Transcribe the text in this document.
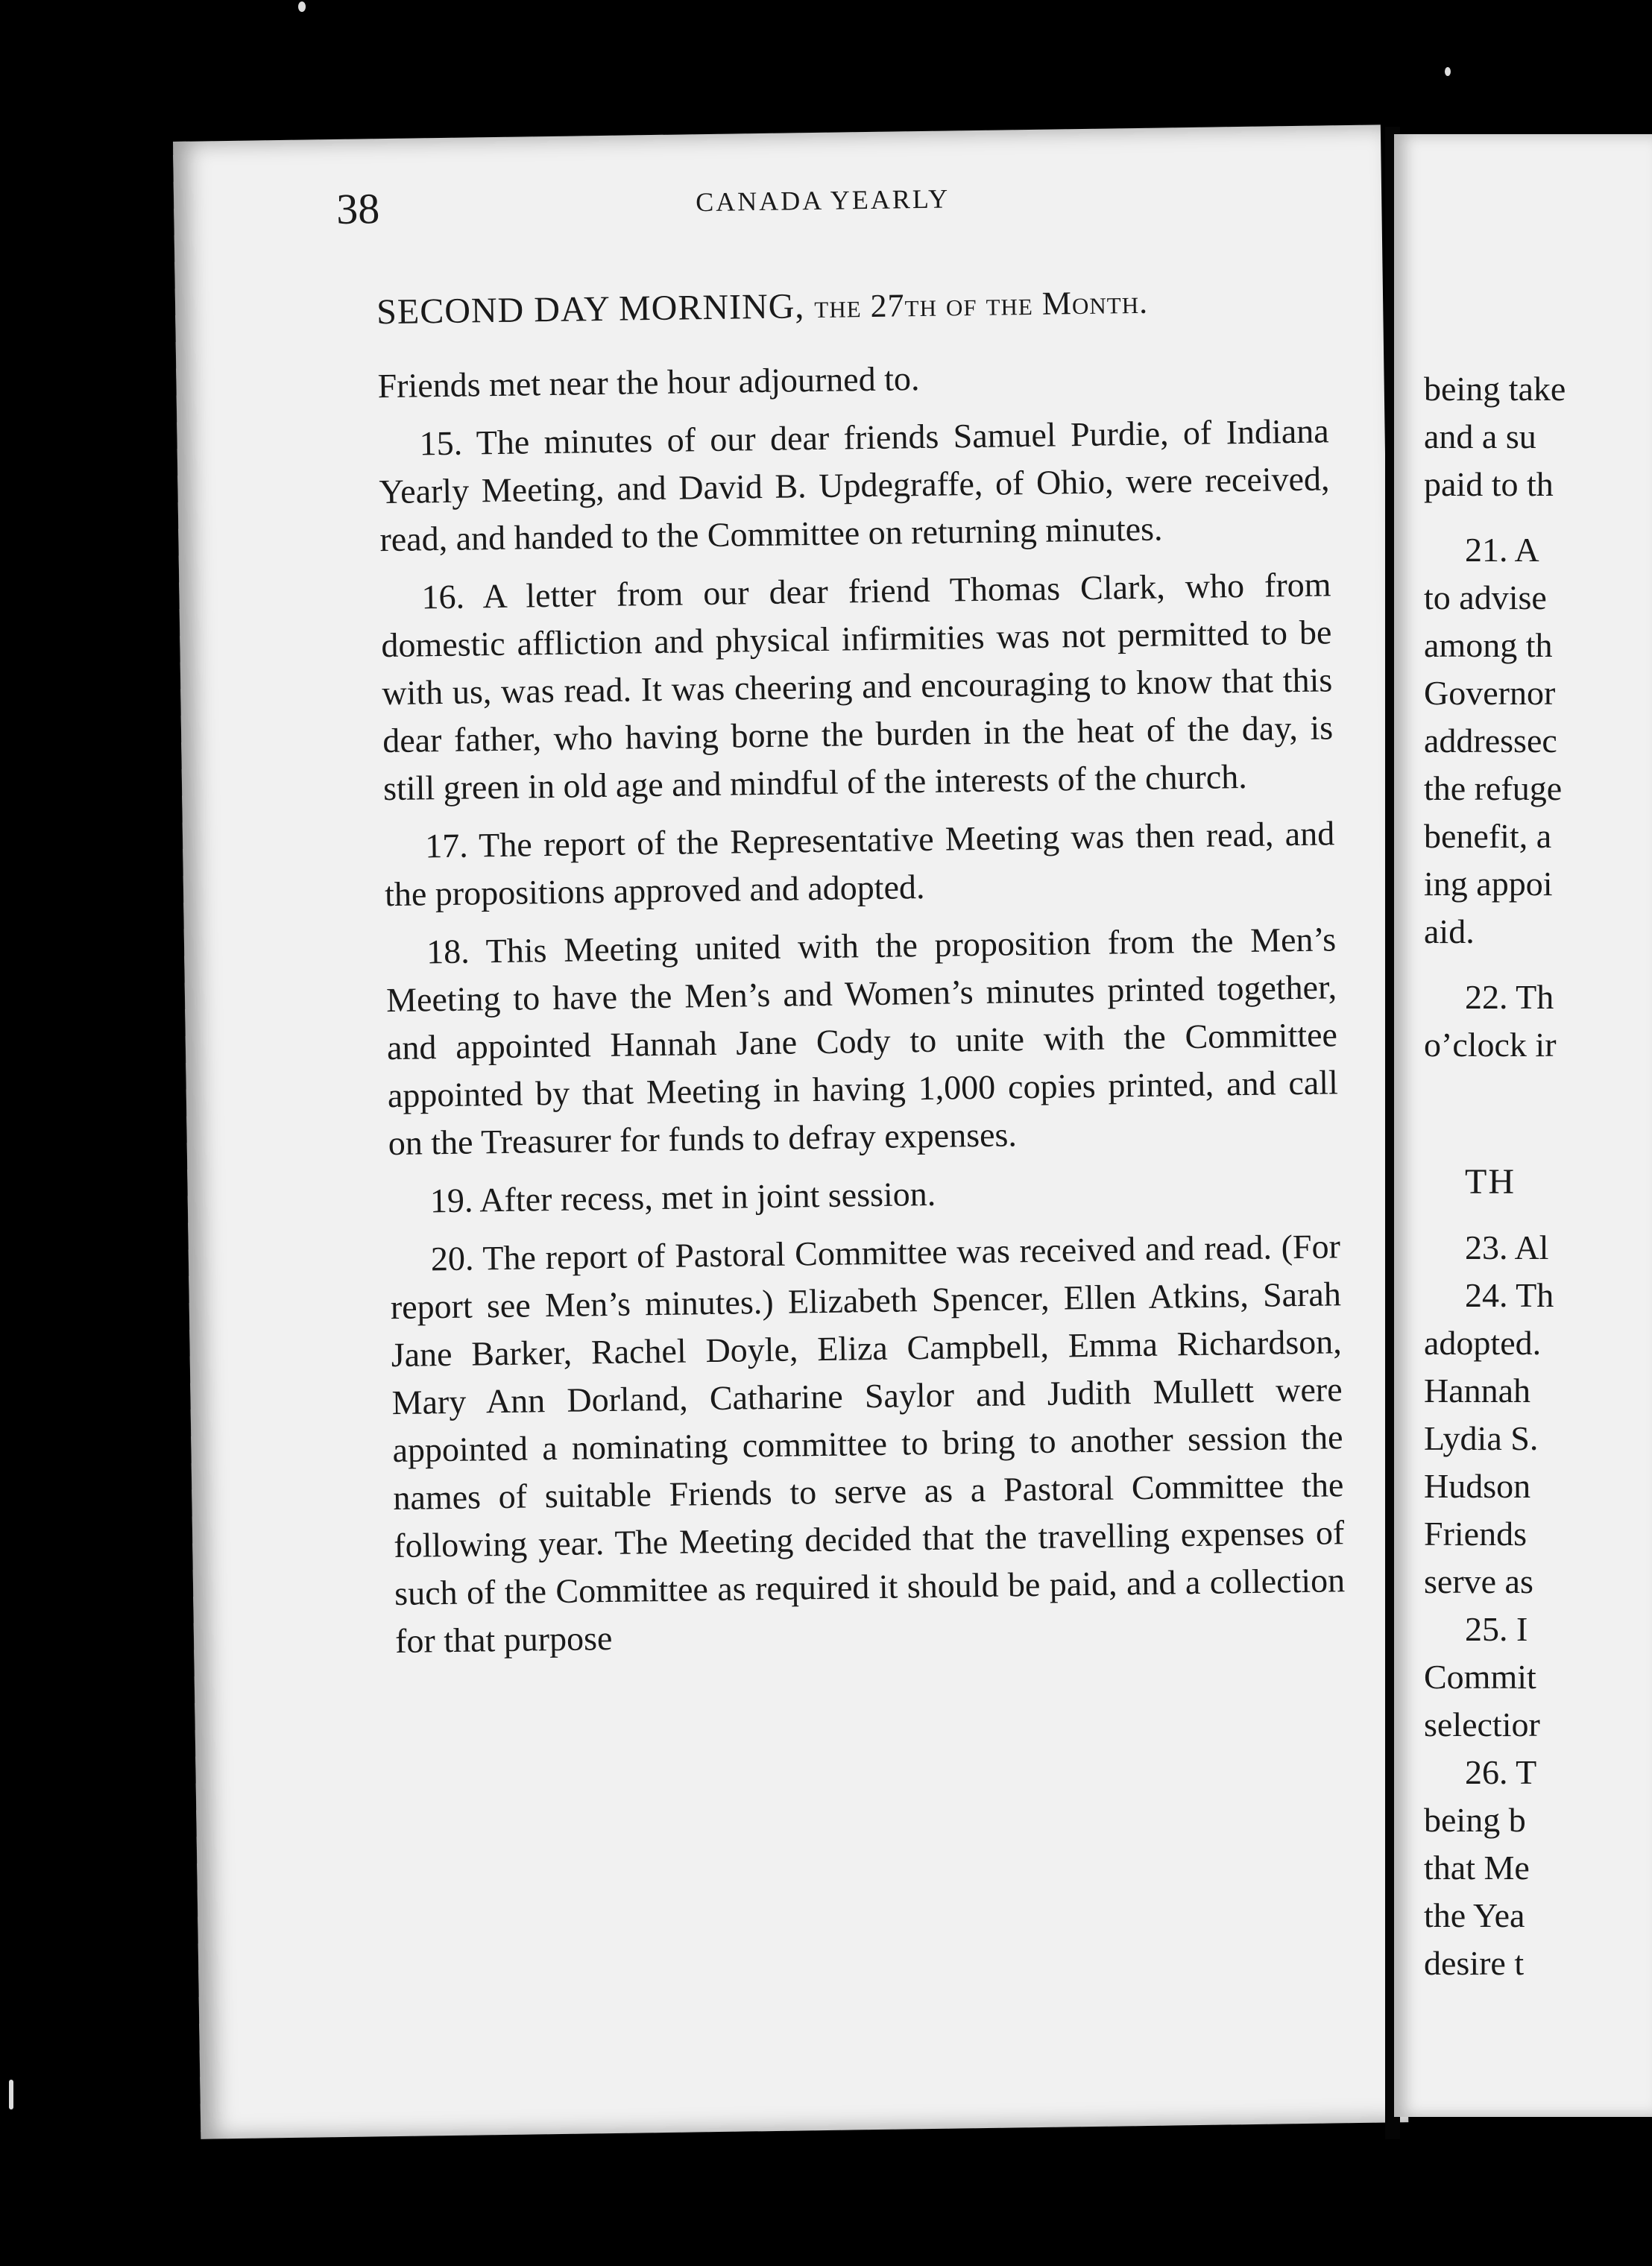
38	CANADA YEARLY
SECOND DAY MORNING, the 27th of the Month.

Friends met near the hour adjourned to.

15. The minutes of our dear friends Samuel Purdie, of Indiana Yearly Meeting, and David B. Updegraffe, of Ohio, were received, read, and handed to the Committee on returning minutes.

16. A letter from our dear friend Thomas Clark, who from domestic affliction and physical infirmities was not permitted to be with us, was read. It was cheering and encouraging to know that this dear father, who having borne the burden in the heat of the day, is still green in old age and mindful of the interests of the church.

17. The report of the Representative Meeting was then read, and the propositions approved and adopted.

18. This Meeting united with the proposition from the Men’s Meeting to have the Men’s and Women’s minutes printed together, and appointed Hannah Jane Cody to unite with the Committee appointed by that Meeting in having 1,000 copies printed, and call on the Treasurer for funds to defray expenses.

19. After recess, met in joint session.

20. The report of Pastoral Committee was received and read. (For report see Men’s minutes.) Elizabeth Spencer, Ellen Atkins, Sarah Jane Barker, Rachel Doyle, Eliza Campbell, Emma Richardson, Mary Ann Dorland, Catharine Saylor and Judith Mullett were appointed a nominating committee to bring to another session the names of suitable Friends to serve as a Pastoral Committee the following year. The Meeting decided that the travelling expenses of such of the Committee as required it should be paid, and a collection for that purpose

being take
and a su
paid to th
21. A
to advise
among th
Governor
addressec
the refuge
benefit, a
ing appoi
aid.
22. Th
o’clock ir
TH
23. Al
24. Th
adopted.
Hannah
Lydia S.
Hudson
Friends
serve as
25. I
Commit
selectior
26. T
being b
that Me
the Yea
desire t
